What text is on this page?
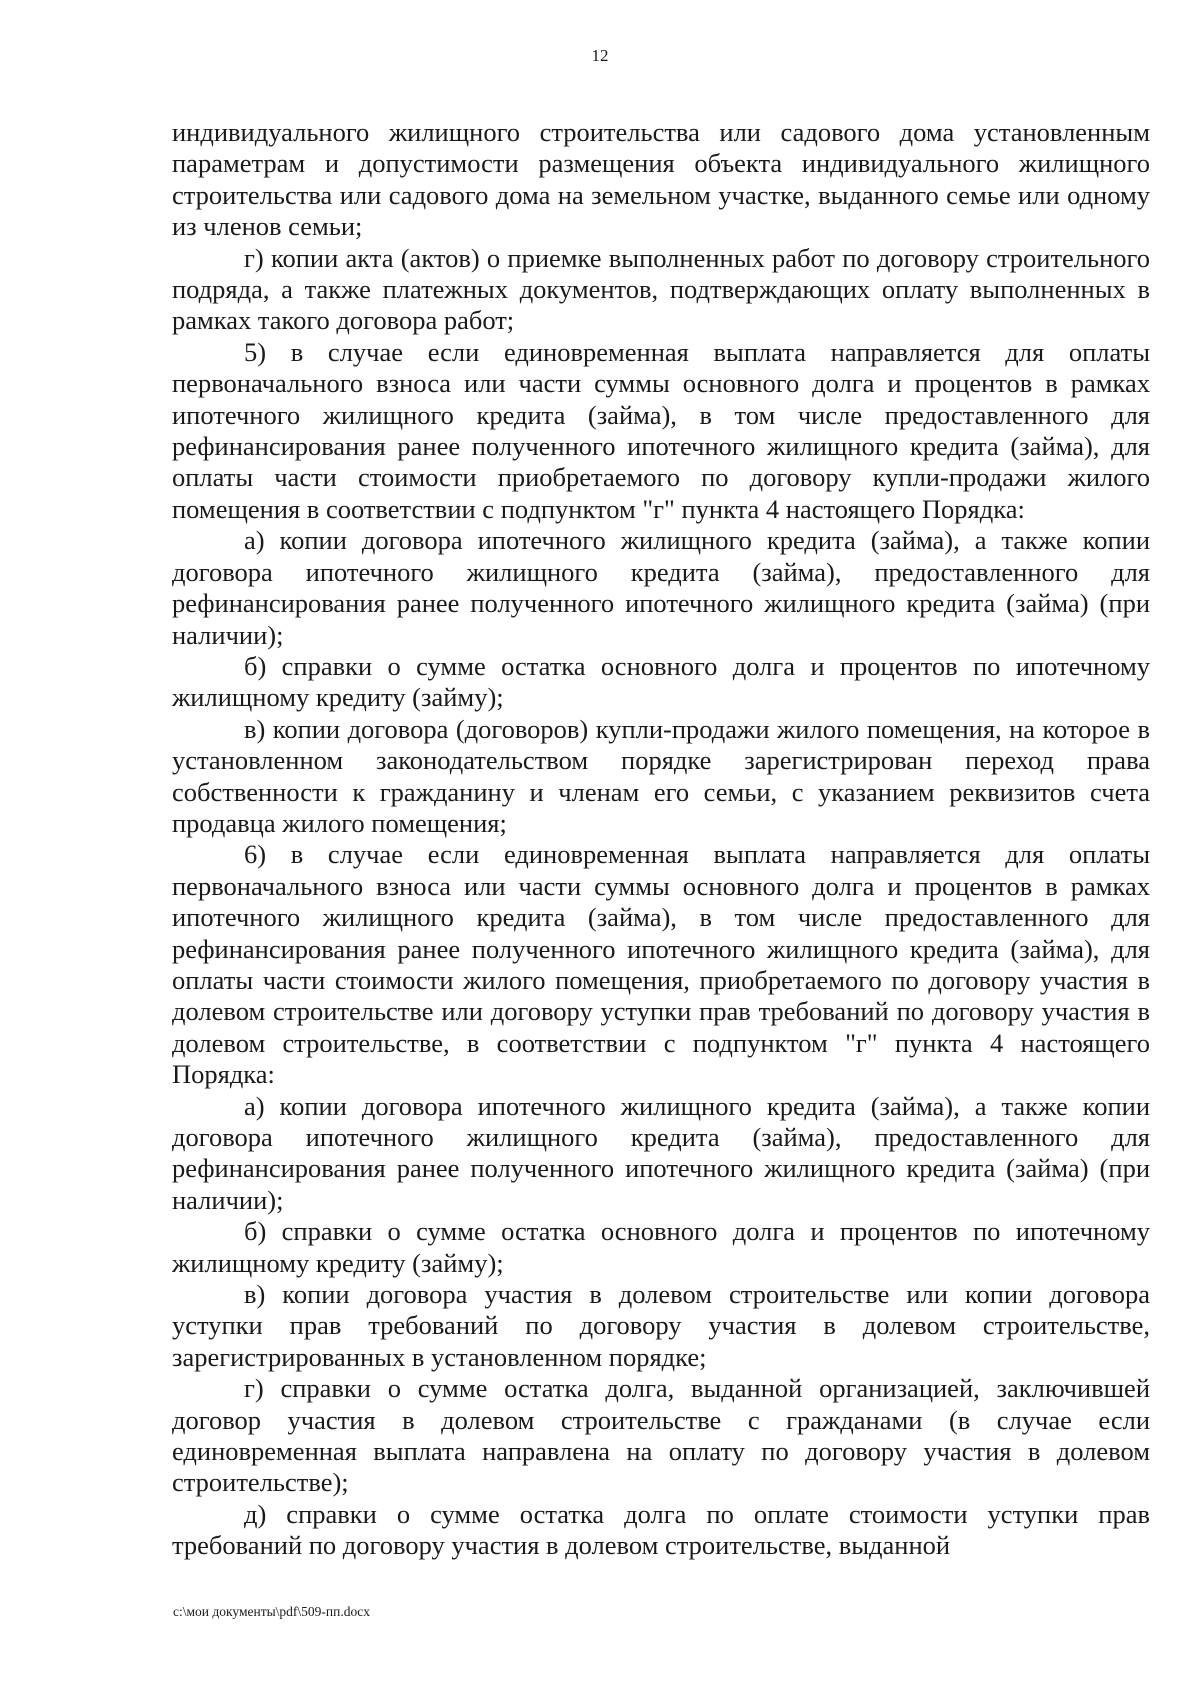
12

индивидуального жилищного строительства или садового дома установленным параметрам и допустимости размещения объекта индивидуального жилищного строительства или садового дома на земельном участке, выданного семье или одному из членов семьи;

г) копии акта (актов) о приемке выполненных работ по договору строительного подряда, а также платежных документов, подтверждающих оплату выполненных в рамках такого договора работ;

5) в случае если единовременная выплата направляется для оплаты первоначального взноса или части суммы основного долга и процентов в рамках ипотечного жилищного кредита (займа), в том числе предоставленного для рефинансирования ранее полученного ипотечного жилищного кредита (займа), для оплаты части стоимости приобретаемого по договору купли-продажи жилого помещения в соответствии с подпунктом "г" пункта 4 настоящего Порядка:

а) копии договора ипотечного жилищного кредита (займа), а также копии договора ипотечного жилищного кредита (займа), предоставленного для рефинансирования ранее полученного ипотечного жилищного кредита (займа) (при наличии);

б) справки о сумме остатка основного долга и процентов по ипотечному жилищному кредиту (займу);

в) копии договора (договоров) купли-продажи жилого помещения, на которое в установленном законодательством порядке зарегистрирован переход права собственности к гражданину и членам его семьи, с указанием реквизитов счета продавца жилого помещения;

6) в случае если единовременная выплата направляется для оплаты первоначального взноса или части суммы основного долга и процентов в рамках ипотечного жилищного кредита (займа), в том числе предоставленного для рефинансирования ранее полученного ипотечного жилищного кредита (займа), для оплаты части стоимости жилого помещения, приобретаемого по договору участия в долевом строительстве или договору уступки прав требований по договору участия в долевом строительстве, в соответствии с подпунктом "г" пункта 4 настоящего Порядка:

а) копии договора ипотечного жилищного кредита (займа), а также копии договора ипотечного жилищного кредита (займа), предоставленного для рефинансирования ранее полученного ипотечного жилищного кредита (займа) (при наличии);

б) справки о сумме остатка основного долга и процентов по ипотечному жилищному кредиту (займу);

в) копии договора участия в долевом строительстве или копии договора уступки прав требований по договору участия в долевом строительстве, зарегистрированных в установленном порядке;

г) справки о сумме остатка долга, выданной организацией, заключившей договор участия в долевом строительстве с гражданами (в случае если единовременная выплата направлена на оплату по договору участия в долевом строительстве);

д) справки о сумме остатка долга по оплате стоимости уступки прав требований по договору участия в долевом строительстве, выданной

c:\мои документы\pdf\509-пп.docx
